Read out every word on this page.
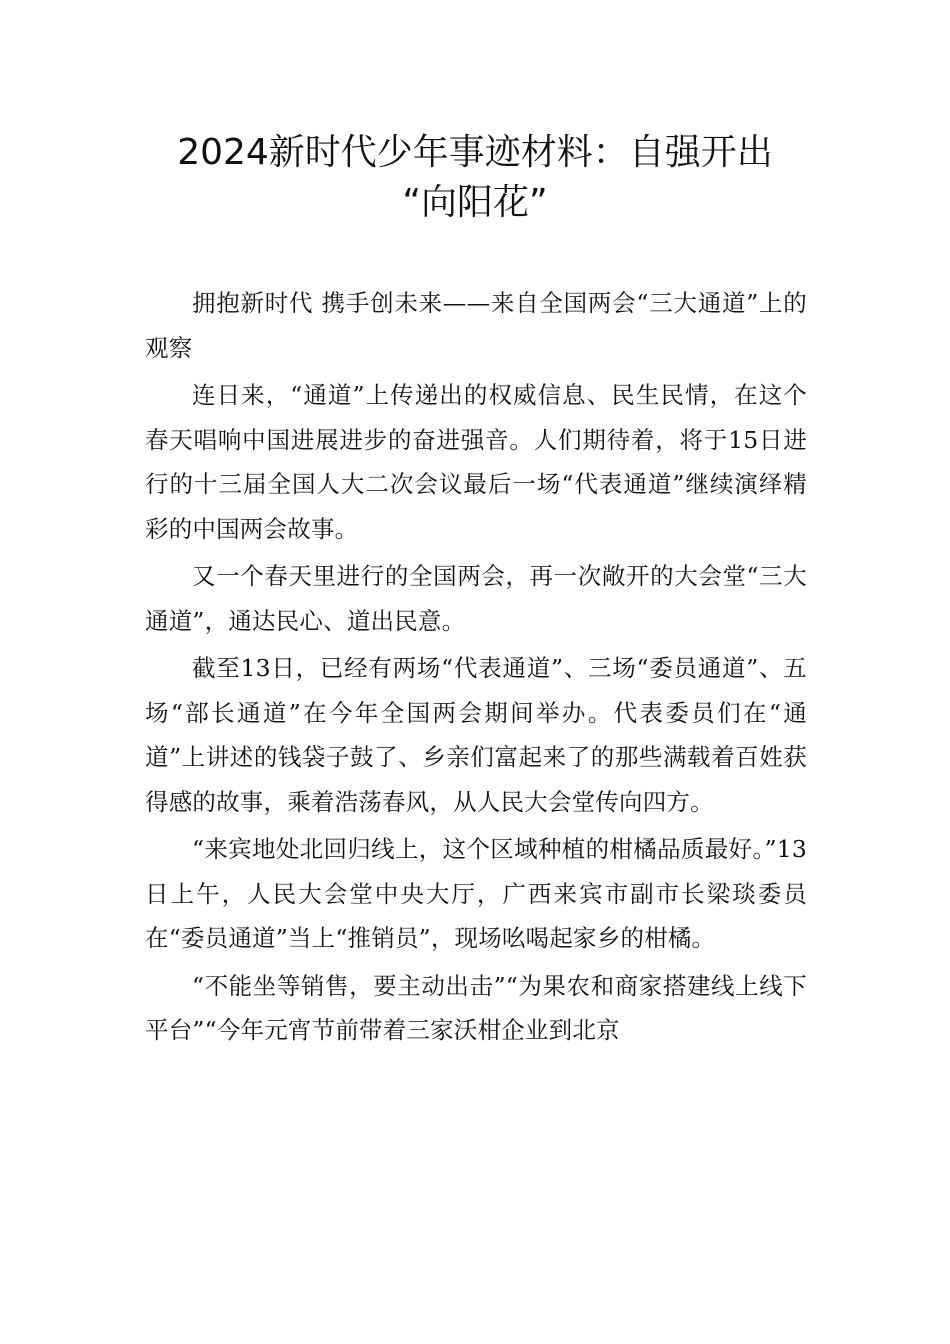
2024新时代少年事迹材料：自强开出
“向阳花”

拥抱新时代 携手创未来——来自全国两会“三大通道”上的观察

连日来，“通道”上传递出的权威信息、民生民情，在这个春天唱响中国进展进步的奋进强音。人们期待着，将于15日进行的十三届全国人大二次会议最后一场“代表通道”继续演绎精彩的中国两会故事。

又一个春天里进行的全国两会，再一次敞开的大会堂“三大通道”，通达民心、道出民意。

截至13日，已经有两场“代表通道”、三场“委员通道”、五场“部长通道”在今年全国两会期间举办。代表委员们在“通道”上讲述的钱袋子鼓了、乡亲们富起来了的那些满载着百姓获得感的故事，乘着浩荡春风，从人民大会堂传向四方。

“来宾地处北回归线上，这个区域种植的柑橘品质最好。”13日上午，人民大会堂中央大厅，广西来宾市副市长梁琰委员在“委员通道”当上“推销员”，现场吆喝起家乡的柑橘。

“不能坐等销售，要主动出击”“为果农和商家搭建线上线下平台”“今年元宵节前带着三家沃柑企业到北京
